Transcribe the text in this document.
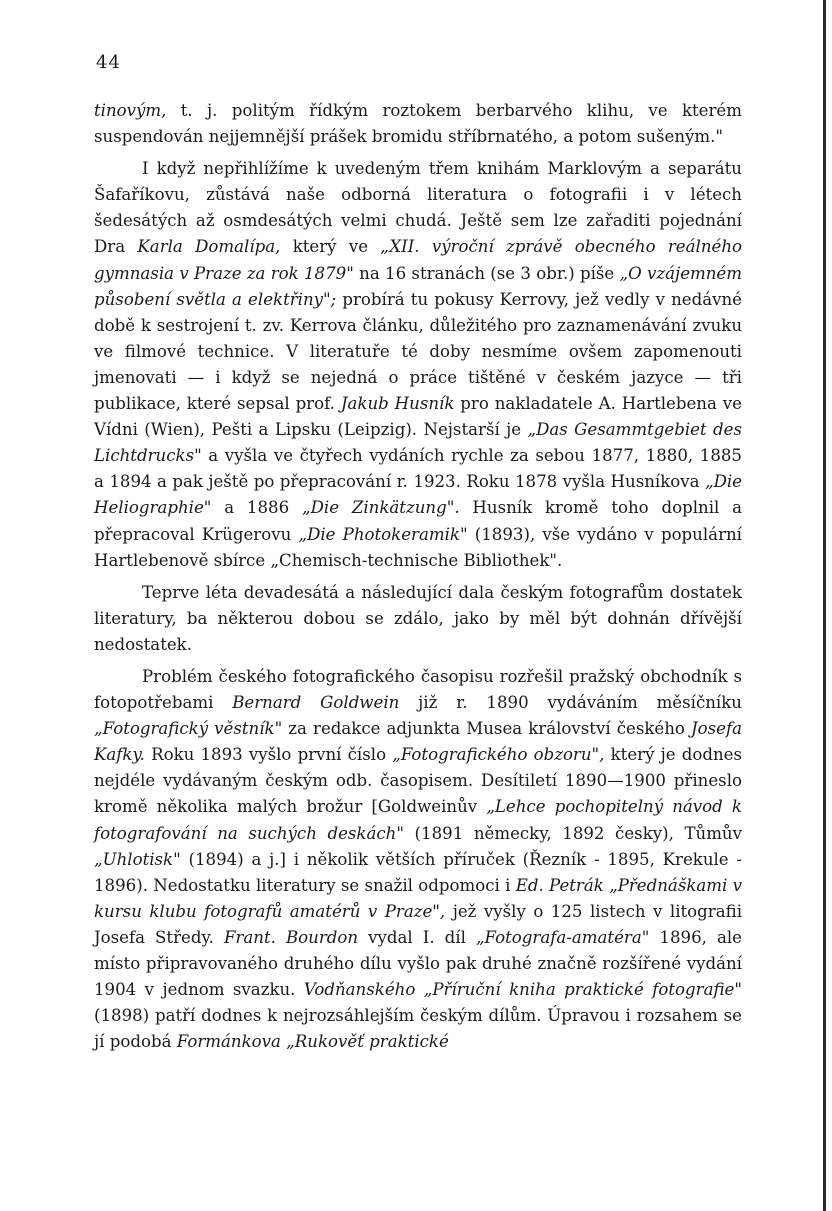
44

tinovým, t. j. politým řídkým roztokem berbarvého klihu, ve kterém suspendován nejjemnější prášek bromidu stříbrnatého, a potom sušeným."

I když nepřihlížíme k uvedeným třem knihám Marklovým a separátu Šafaříkovu, zůstává naše odborná literatura o fotografii i v létech šedesátých až osmdesátých velmi chudá. Ještě sem lze zařaditi pojednání Dra Karla Domalípa, který ve „XII. výroční zprávě obecného reálného gymnasia v Praze za rok 1879" na 16 stranách (se 3 obr.) píše „O vzájemném působení světla a elektřiny"; probírá tu pokusy Kerrovy, jež vedly v nedávné době k sestrojení t. zv. Kerrova článku, důležitého pro zaznamenávání zvuku ve filmové technice. V literatuře té doby nesmíme ovšem zapomenouti jmenovati — i když se nejedná o práce tištěné v českém jazyce — tři publikace, které sepsal prof. Jakub Husník pro nakladatele A. Hartlebena ve Vídni (Wien), Pešti a Lipsku (Leipzig). Nejstarší je „Das Gesammtgebiet des Lichtdrucks" a vyšla ve čtyřech vydáních rychle za sebou 1877, 1880, 1885 a 1894 a pak ještě po přepracování r. 1923. Roku 1878 vyšla Husníkova „Die Heliographie" a 1886 „Die Zinkätzung". Husník kromě toho doplnil a přepracoval Krügerovu „Die Photokeramik" (1893), vše vydáno v populární Hartlebenově sbírce „Chemisch-technische Bibliothek".

Teprve léta devadesátá a následující dala českým fotografům dostatek literatury, ba některou dobou se zdálo, jako by měl být dohnán dřívější nedostatek.

Problém českého fotografického časopisu rozřešil pražský obchodník s fotopotřebami Bernard Goldwein již r. 1890 vydáváním měsíčníku „Fotografický věstník" za redakce adjunkta Musea království českého Josefa Kafky. Roku 1893 vyšlo první číslo „Fotografického obzoru", který je dodnes nejdéle vydávaným českým odb. časopisem. Desítiletí 1890—1900 přineslo kromě několika malých brožur [Goldweinův „Lehce pochopitelný návod k fotografování na suchých deskách" (1891 německy, 1892 česky), Tůmův „Uhlotisk" (1894) a j.] i několik větších příruček (Řezník - 1895, Krekule - 1896). Nedostatku literatury se snažil odpomoci i Ed. Petrák „Přednáškami v kursu klubu fotografů amatérů v Praze", jež vyšly o 125 listech v litografii Josefa Středy. Frant. Bourdon vydal I. díl „Fotografa-amatéra" 1896, ale místo připravovaného druhého dílu vyšlo pak druhé značně rozšířené vydání 1904 v jednom svazku. Vodňanského „Příruční kniha praktické fotografie" (1898) patří dodnes k nejrozsáhlejším českým dílům. Úpravou i rozsahem se jí podobá Formánkova „Rukověť praktické
